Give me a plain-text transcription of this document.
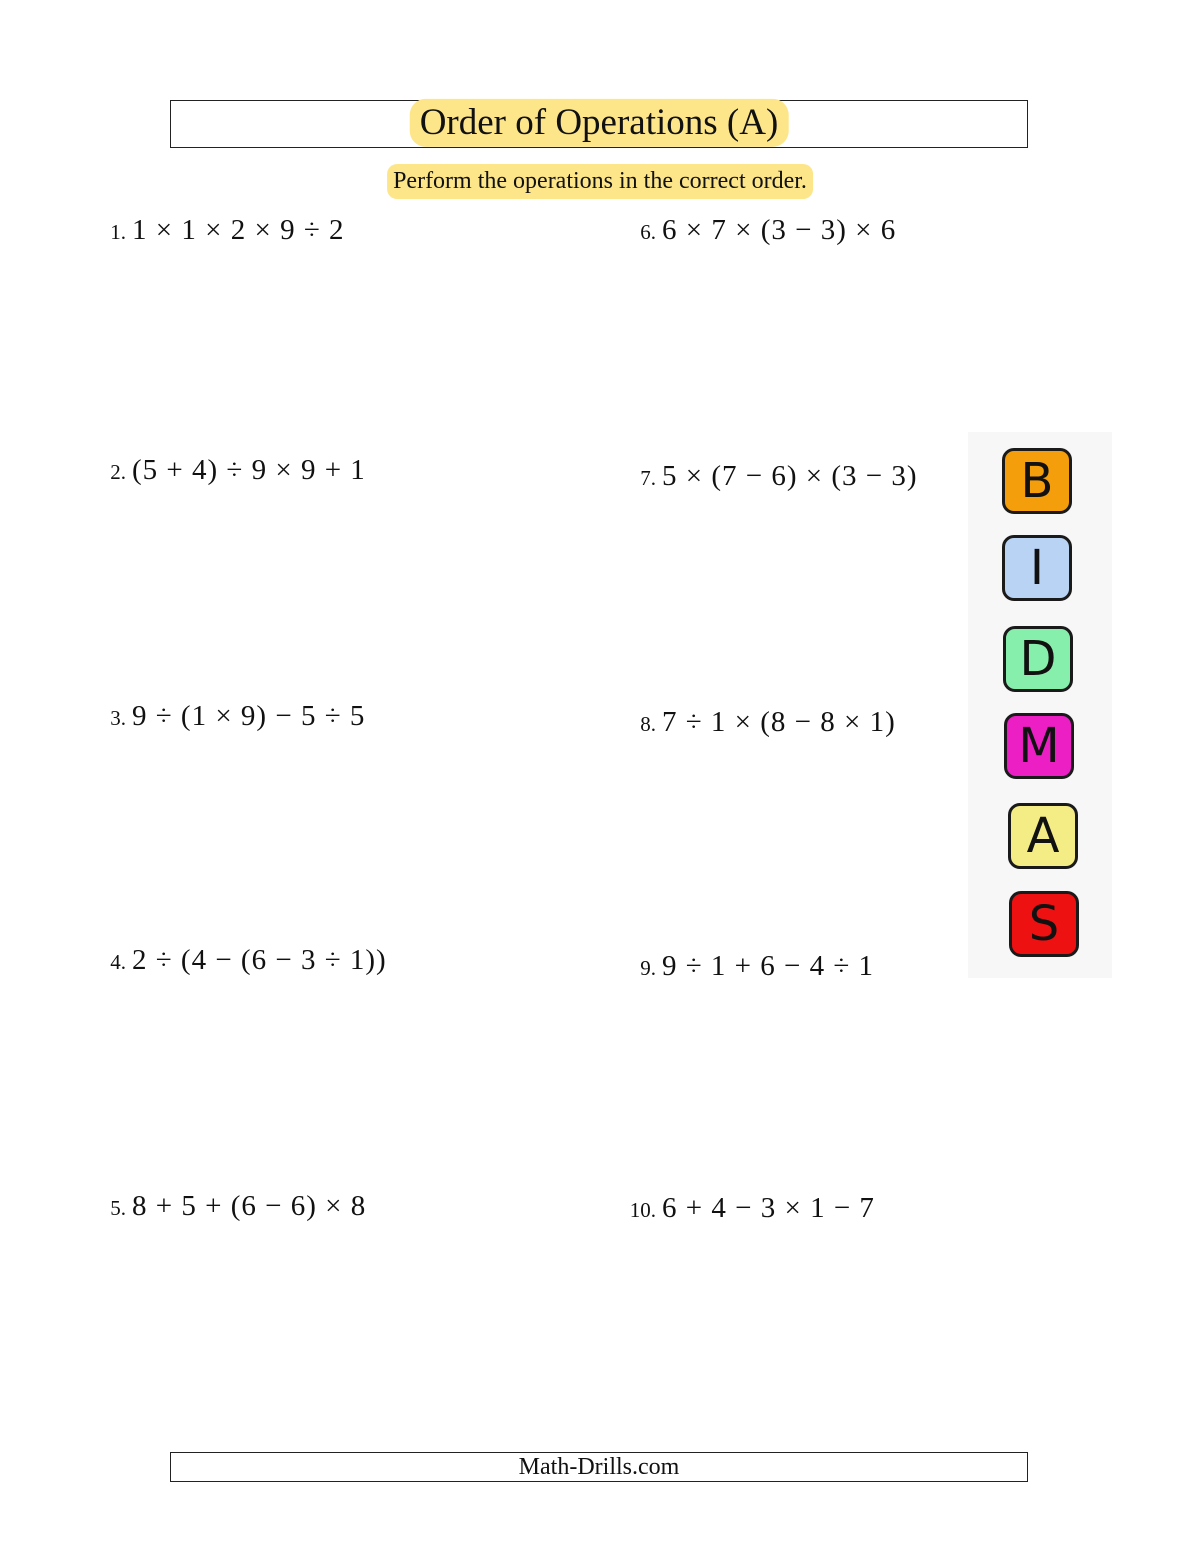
Order of Operations (A)
Perform the operations in the correct order.
1. 1 × 1 × 2 × 9 ÷ 2
2. (5 + 4) ÷ 9 × 9 + 1
3. 9 ÷ (1 × 9) − 5 ÷ 5
4. 2 ÷ (4 − (6 − 3 ÷ 1))
5. 8 + 5 + (6 − 6) × 8
6. 6 × 7 × (3 − 3) × 6
7. 5 × (7 − 6) × (3 − 3)
8. 7 ÷ 1 × (8 − 8 × 1)
9. 9 ÷ 1 + 6 − 4 ÷ 1
10. 6 + 4 − 3 × 1 − 7
B
I
D
M
A
S
Math-Drills.com
